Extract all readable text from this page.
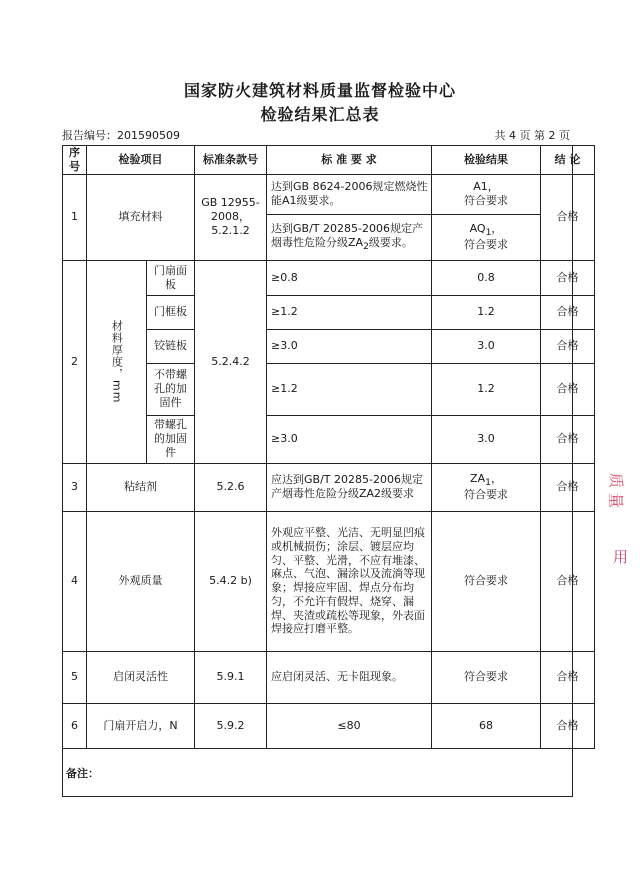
国家防火建筑材料质量监督检验中心
检验结果汇总表
报告编号：201590509	共 4 页 第 2 页
序号	检验项目		标准条款号	标 准 要 求	检验结果	结 论
1	填充材料		GB 12955-2008，5.2.1.2	达到GB 8624-2006规定燃烧性能A1级要求。	A1，
符合要求	合格
				达到GB/T 20285-2006规定产烟毒性危险分级$ZA_2$级要求。	$AQ_1$，
符合要求	
2	材料厚度，mm	门扇面板	5.2.4.2	≥0.8	0.8	合格
		门框板		≥1.2	1.2	合格
		铰链板		≥3.0	3.0	合格
		不带螺孔的加固件		≥1.2	1.2	合格
		带螺孔的加固件		≥3.0	3.0	合格
3	粘结剂		5.2.6	应达到GB/T 20285-2006规定产烟毒性危险分级ZA2级要求	$ZA_1$，
符合要求	合格
4	外观质量		5.4.2 b)	外观应平整、光洁、无明显凹痕或机械损伤；涂层、镀层应均匀、平整、光滑，不应有堆漆、麻点、气泡、漏涂以及流淌等现象；焊接应牢固、焊点分布均匀，不允许有假焊、烧穿、漏焊、夹渣或疏松等现象，外表面焊接应打磨平整。	符合要求	合格
5	启闭灵活性		5.9.1	应启闭灵活、无卡阻现象。	符合要求	合格
6	门扇开启力，N		5.9.2	≤80	68	合格
备注：
质
量
用
